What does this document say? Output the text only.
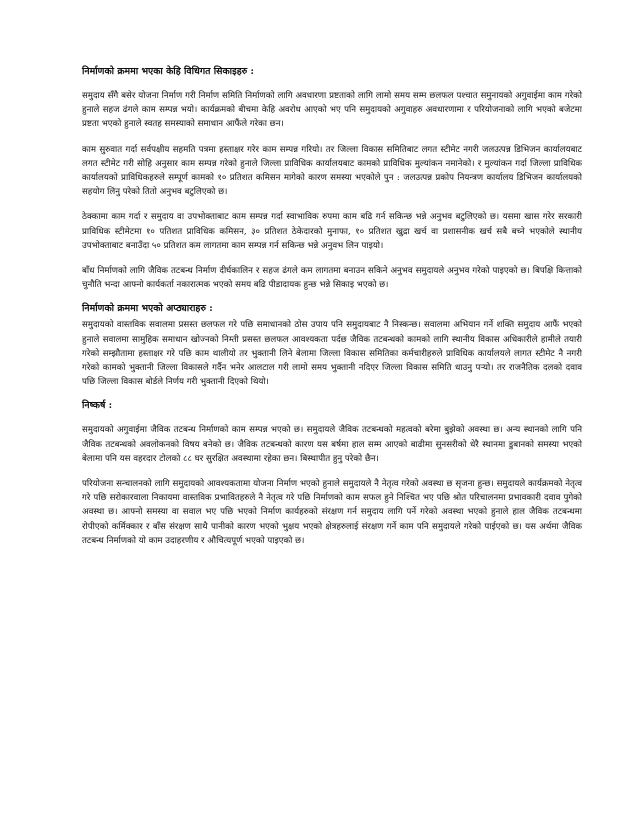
निर्माणको क्रममा भएका केहि विधिगत सिकाइहरु :

समुदाय सँगै बसेर योजना निर्माण गरी निर्माण समिति निर्माणको लागि अवधारणा प्रष्टताको लागि लामो समय सम्म छलफल पश्चात समुनायको अगुवाईमा काम गरेको हुनाले सहज ढंगले काम सम्पन्न भयो। कार्यक्रमको बीचमा केहि अवरोध आएको भए पनि समुदायको अगुवाहरु अवधारणामा र परियोजनाको लागि भएको बजेटमा प्रष्टता भएको हुनाले स्वतह समस्याको समाधान आफैंले गरेका छन।

काम सुरुवात गर्दा सर्वपक्षीय सहमति पत्रमा हस्ताक्षर गरेर काम सम्पन्न गरियो। तर जिल्ला विकास समितिबाट लगत स्टीमेट नगरी जलउत्पन्न डिभिजन कार्यालयबाट लगत स्टीमेट गरी सोहि अनुसार काम सम्पन्न गरेको हुनाले जिल्ला प्राविधिक कार्यालयबाट कामको प्राविधिक मुल्यांकन नमानेको। र मुल्यांकन गर्दा जिल्ला प्राविधिक कार्यालयको प्राविधिकहरुले सम्पूर्ण कामको १० प्रतिशत कमिसन मागेको कारण समस्या भएकोले पुन : जलउत्पन्न प्रकोप नियन्त्रण कार्यालय डिभिजन कार्यालयको सहयोग लिनु परेको तितो अनुभव बटुलिएको छ।

ठेक्कामा काम गर्दा र समुदाय वा उपभोक्ताबाट काम सम्पन्न गर्दा स्वाभाविक रुपमा काम बढि गर्न सकिन्छ भन्ने अनुभव बटुलिएको छ। यसमा खास गरेर सरकारी प्राविधिक स्टीमेटमा १० पतिशत प्राविधिक कमिसन, ३० प्रतिशत ठेकेदारको मुनाफा, १० प्रतिशत खुद्रा खर्च वा प्रशासनीक खर्च सबै बच्ने भएकोले स्थानीय उपभोक्ताबाट बनाउँदा ५० प्रतिशत कम लागतमा काम सम्पन्न गर्न सकिन्छ भन्ने अनुवभ लिन पाइयो।

बाँध निर्माणको लागि जैविक तटबन्ध निर्माण दीर्घकालिन र सहज ढंगले कम लागतमा बनाउन सकिने अनुभव समुदायले अनुभव गरेको पाइएको छ। बिपक्षि कित्ताको चुनौति भन्दा आफ्नो कार्यकर्ता नकारात्मक भएको समय बढि पीडादायक हुन्छ भन्ने सिकाइ भएको छ।

निर्माणको क्रममा भएको अप्ठ्याराहरु :

समुदायको वास्तविक सवालमा प्रसस्त छलफल गरे पछि समाधानको ठोस उपाय पनि समुदायबाट नै निस्कन्छ। सवालमा अभियान गर्ने शक्ति समुदाय आफैं भएको हुनाले सवालमा सामुहिक समाधान खोज्नको निम्ती प्रसस्त छलफल आवश्यकता पर्दछ जैविक तटबन्धको कामको लागि स्थानीय विकास अधिकारीले हामीले तयारी गरेको सम्झौतामा हस्ताक्षर गरे पछि काम थालीयो तर भुक्तानी लिने बेलामा जिल्ला विकास समितिका कर्मचारीहरुले प्राविधिक कार्यालयले लागत स्टीमेट नै नगरी गरेको कामको भुक्तानी जिल्ला विकासले गर्दैन भनेर आलटाल गरी लामो समय भुक्तानी नदिएर जिल्ला विकास समिति धाउनु पऱ्यो। तर राजनैतिक दलको दवाव पछि जिल्ला विकास बोर्डले निर्णय गरी भुक्तानी दिएको थियो।

निष्कर्ष :

समुदायको अगुवाईमा जैविक तटबन्ध निर्माणको काम सम्पन्न भएको छ। समुदायले जैविक तटबन्धको महत्वको बरेमा बुझेको अवस्था छ। अन्य स्थानको लागि पनि जैविक तटबन्धको अवलोकनको विषय बनेको छ। जैविक तटबन्धको कारण यस बर्षमा हाल सम्म आएको बाढीमा सुनसरीको धेरै स्थानमा डुबानको समस्या भएको बेलामा पनि यस वहरदार टोलको ८८ घर सुरक्षित अवस्थामा रहेका छन। बिस्थापीत हुनु परेको छैन।

परियोजना सन्चालनको लागि समुदायको आवश्यकतामा योजना निर्माण भएको हुनाले समुदायले नै नेतृत्व गरेको अवस्था छ सृजना हुन्छ। समुदायले कार्यक्रमको नेतृत्व गरे पछि सरोकारवाला निकायमा वास्तविक प्रभावितहरुले नै नेतृत्व गरे पछि निर्माणको काम सफल हुने निश्चित भए पछि श्रोत परिचालनमा प्रभावकारी दवाव पुगेको अवस्था छ। आफ्नो समस्या वा सवाल भए पछि भएको निर्माण कार्यहरुको संरक्षण गर्न समुदाय लागि पर्ने गरेको अवस्था भएको हुनाले हाल जैविक तटबन्धमा रोपीएको कर्मिक्कार र बाँस संरक्षण साथै पानीको कारण भएको भुक्षय भएको क्षेत्रहरुलाई संरक्षण गर्ने काम पनि समुदायले गरेको पाईएको छ। यस अर्थमा जैविक तटबन्ध निर्माणको यो काम उदाहरणीय र औचित्यपूर्ण भएको पाइएको छ।
